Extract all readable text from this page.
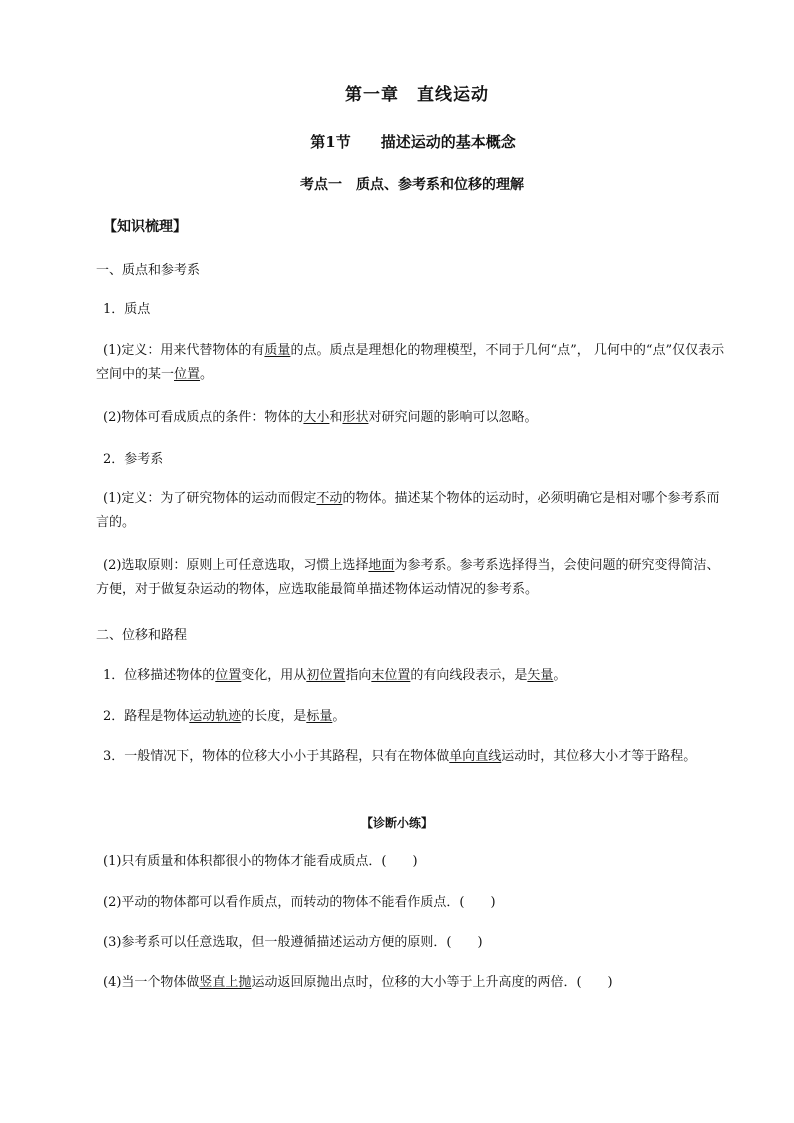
第一章　直线运动
第1节　　描述运动的基本概念
考点一　质点、参考系和位移的理解
【知识梳理】
一、质点和参考系
1．质点
(1)定义：用来代替物体的有质量的点。质点是理想化的物理模型，不同于几何“点”， 几何中的“点”仅仅表示空间中的某一位置。
(2)物体可看成质点的条件：物体的大小和形状对研究问题的影响可以忽略。
2．参考系
(1)定义：为了研究物体的运动而假定不动的物体。描述某个物体的运动时，必须明确它是相对哪个参考系而言的。
(2)选取原则：原则上可任意选取，习惯上选择地面为参考系。参考系选择得当，会使问题的研究变得简洁、方便，对于做复杂运动的物体，应选取能最简单描述物体运动情况的参考系。
二、位移和路程
1．位移描述物体的位置变化，用从初位置指向末位置的有向线段表示，是矢量。
2．路程是物体运动轨迹的长度，是标量。
3．一般情况下，物体的位移大小小于其路程，只有在物体做单向直线运动时，其位移大小才等于路程。
【诊断小练】
(1)只有质量和体积都很小的物体才能看成质点．(　　)
(2)平动的物体都可以看作质点，而转动的物体不能看作质点．(　　)
(3)参考系可以任意选取，但一般遵循描述运动方便的原则．(　　)
(4)当一个物体做竖直上抛运动返回原抛出点时，位移的大小等于上升高度的两倍．(　　)
